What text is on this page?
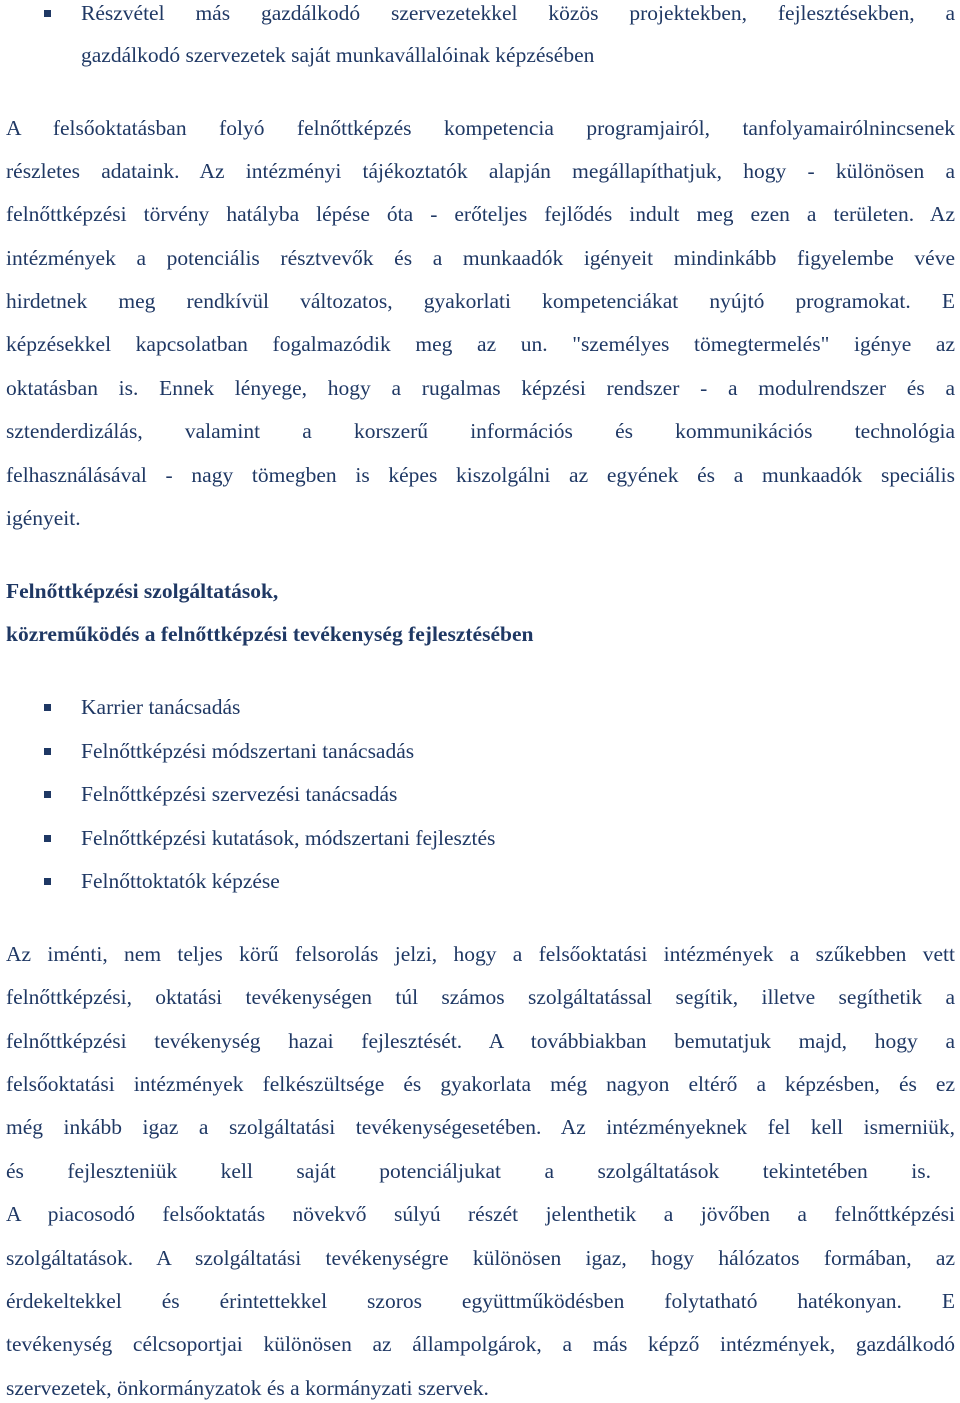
Részvétel más gazdálkodó szervezetekkel közös projektekben, fejlesztésekben, a
gazdálkodó szervezetek saját munkavállalóinak képzésében
A felsőoktatásban folyó felnőttképzés kompetencia programjairól, tanfolyamairólnincsenek
részletes adataink. Az intézményi tájékoztatók alapján megállapíthatjuk, hogy - különösen a
felnőttképzési törvény hatályba lépése óta - erőteljes fejlődés indult meg ezen a területen. Az
intézmények a potenciális résztvevők és a munkaadók igényeit mindinkább figyelembe véve
hirdetnek meg rendkívül változatos, gyakorlati kompetenciákat nyújtó programokat. E
képzésekkel kapcsolatban fogalmazódik meg az un. "személyes tömegtermelés" igénye az
oktatásban is. Ennek lényege, hogy a rugalmas képzési rendszer - a modulrendszer és a
sztenderdizálás, valamint a korszerű információs és kommunikációs technológia
felhasználásával - nagy tömegben is képes kiszolgálni az egyének és a munkaadók speciális
igényeit.
Felnőttképzési szolgáltatások,
közreműködés a felnőttképzési tevékenység fejlesztésében
Karrier tanácsadás
Felnőttképzési módszertani tanácsadás
Felnőttképzési szervezési tanácsadás
Felnőttképzési kutatások, módszertani fejlesztés
Felnőttoktatók képzése
Az iménti, nem teljes körű felsorolás jelzi, hogy a felsőoktatási intézmények a szűkebben vett
felnőttképzési, oktatási tevékenységen túl számos szolgáltatással segítik, illetve segíthetik a
felnőttképzési tevékenység hazai fejlesztését. A továbbiakban bemutatjuk majd, hogy a
felsőoktatási intézmények felkészültsége és gyakorlata még nagyon eltérő a képzésben, és ez
még inkább igaz a szolgáltatási tevékenységesetében. Az intézményeknek fel kell ismerniük,
és fejleszteniük kell saját potenciáljukat a szolgáltatások tekintetében is.
A piacosodó felsőoktatás növekvő súlyú részét jelenthetik a jövőben a felnőttképzési
szolgáltatások. A szolgáltatási tevékenységre különösen igaz, hogy hálózatos formában, az
érdekeltekkel és érintettekkel szoros együttműködésben folytatható hatékonyan. E
tevékenység célcsoportjai különösen az állampolgárok, a más képző intézmények, gazdálkodó
szervezetek, önkormányzatok és a kormányzati szervek.
